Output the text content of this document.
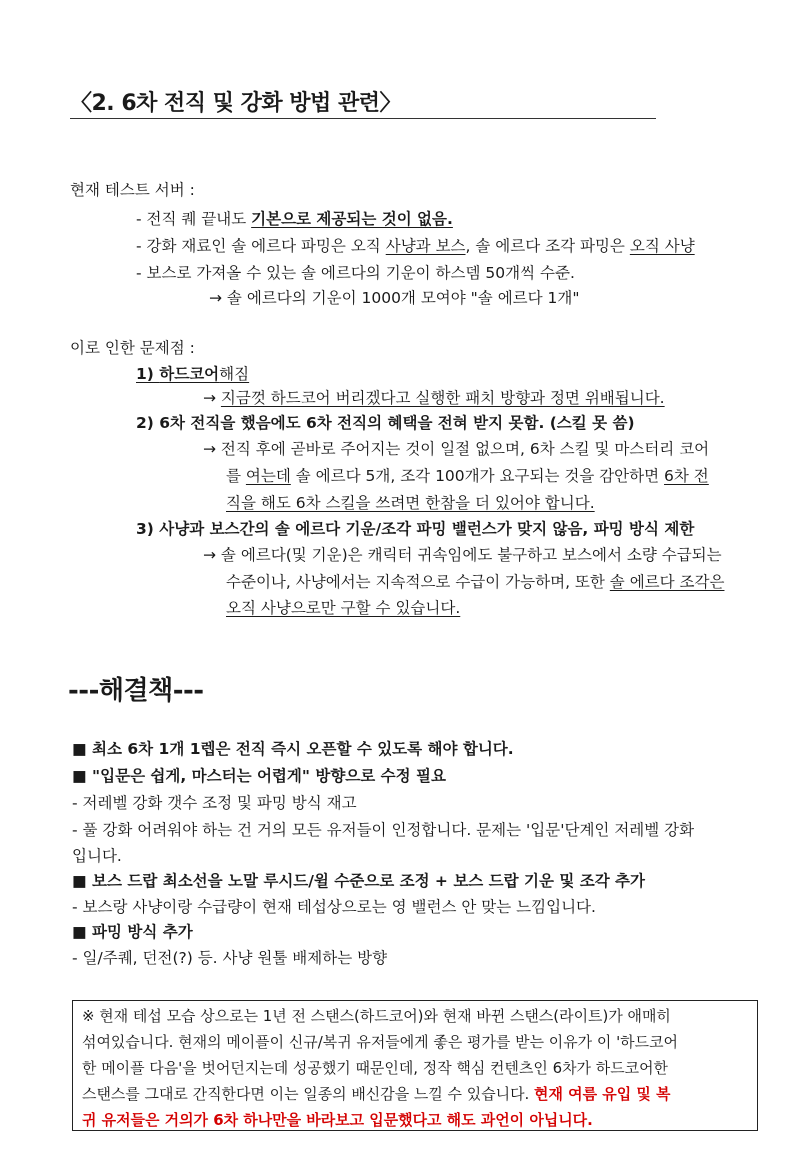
〈2. 6차 전직 및 강화 방법 관련〉
현재 테스트 서버 :
- 전직 퀘 끝내도 기본으로 제공되는 것이 없음.
- 강화 재료인 솔 에르다 파밍은 오직 사냥과 보스, 솔 에르다 조각 파밍은 오직 사냥
- 보스로 가져올 수 있는 솔 에르다의 기운이 하스뎀 50개씩 수준.
→ 솔 에르다의 기운이 1000개 모여야 "솔 에르다 1개"
이로 인한 문제점 :
1) 하드코어해짐
→ 지금껏 하드코어 버리겠다고 실행한 패치 방향과 정면 위배됩니다.
2) 6차 전직을 했음에도 6차 전직의 혜택을 전혀 받지 못함. (스킬 못 씀)
→ 전직 후에 곧바로 주어지는 것이 일절 없으며, 6차 스킬 및 마스터리 코어
를 여는데 솔 에르다 5개, 조각 100개가 요구되는 것을 감안하면 6차 전
직을 해도 6차 스킬을 쓰려면 한참을 더 있어야 합니다.
3) 사냥과 보스간의 솔 에르다 기운/조각 파밍 밸런스가 맞지 않음, 파밍 방식 제한
→ 솔 에르다(및 기운)은 캐릭터 귀속임에도 불구하고 보스에서 소량 수급되는
수준이나, 사냥에서는 지속적으로 수급이 가능하며, 또한 솔 에르다 조각은
오직 사냥으로만 구할 수 있습니다.
---해결책---
■ 최소 6차 1개 1렙은 전직 즉시 오픈할 수 있도록 해야 합니다.
■ "입문은 쉽게, 마스터는 어렵게" 방향으로 수정 필요
- 저레벨 강화 갯수 조정 및 파밍 방식 재고
- 풀 강화 어려워야 하는 건 거의 모든 유저들이 인정합니다. 문제는 '입문'단계인 저레벨 강화
입니다.
■ 보스 드랍 최소선을 노말 루시드/윌 수준으로 조정 + 보스 드랍 기운 및 조각 추가
- 보스랑 사냥이랑 수급량이 현재 테섭상으로는 영 밸런스 안 맞는 느낌입니다.
■ 파밍 방식 추가
- 일/주퀘, 던전(?) 등. 사냥 원툴 배제하는 방향
※ 현재 테섭 모습 상으로는 1년 전 스탠스(하드코어)와 현재 바뀐 스탠스(라이트)가 애매히
섞여있습니다. 현재의 메이플이 신규/복귀 유저들에게 좋은 평가를 받는 이유가 이 '하드코어
한 메이플 다음'을 벗어던지는데 성공했기 때문인데, 정작 핵심 컨텐츠인 6차가 하드코어한
스탠스를 그대로 간직한다면 이는 일종의 배신감을 느낄 수 있습니다. 현재 여름 유입 및 복
귀 유저들은 거의가 6차 하나만을 바라보고 입문했다고 해도 과언이 아닙니다.
